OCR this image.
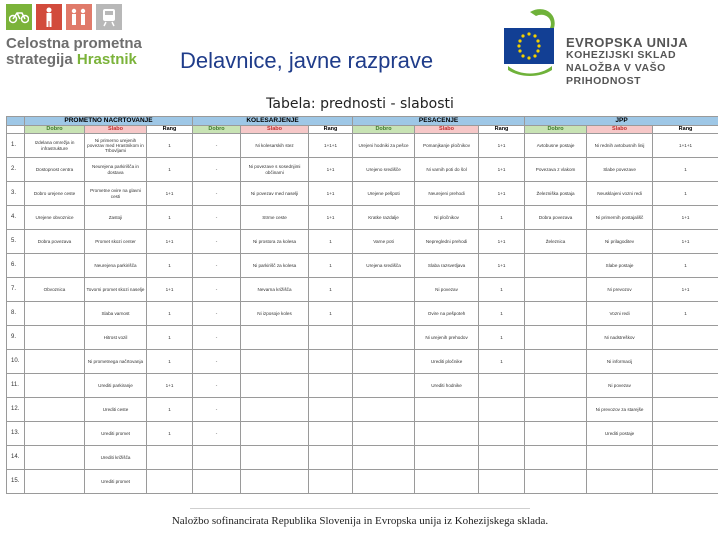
Celostna prometna
strategija Hrastnik	Delavnice, javne razprave
EVROPSKA UNIJA
KOHEZIJSKI SKLAD
NALOŽBA V VAŠO PRIHODNOST
Tabela: prednosti - slabosti
	PROMETNO NAČRTOVANJE			KOLESARJENJE			PEŠAČENJE			JPP		
	Dobro	Slabo	Rang	Dobro	Slabo	Rang	Dobro	Slabo	Rang	Dobro	Slabo	Rang
1.	Izdelana omrežja in infrastrukture	Ni primerno urejenih povezav med Hrastnikom in Trbovljami	1	-	Ni kolesarskih stez	1+1+1	Urejeni hodniki za pešce	Pomanjkanje pločnikov	1+1	Avtobusne postaje	Ni rednih avtobusnih linij	1+1+1
2.	Dostopnost centra	Neurejena parkirišča in dostava	1	-	Ni povezave s sosednjimi občinami	1+1	Urejeno središče	Ni varnih poti do šol	1+1	Povezava z vlakom	Slabe povezave	1
3.	Dobro urejene ceste	Prometne ovire na glavni cesti	1+1	-	Ni povezav med naselji	1+1	Urejene pešpoti	Neurejeni prehodi	1+1	Železniška postaja	Neusklajeni vozni redi	1
4.	Urejene obvoznice	Zastoji	1	-	Strme ceste	1+1	Kratke razdalje	Ni pločnikov	1	Dobra povezava	Ni primernih postajališč	1+1
5.	Dobra povezava	Promet skozi center	1+1	-	Ni prostora za kolesa	1	Varne poti	Nepregledni prehodi	1+1	Železnica	Ni prilagoditev	1+1
6.		Neurejena parkirišča	1	-	Ni parkirišč za kolesa	1	Urejena središča	Slaba razsvetljava	1+1		Slabe postaje	1
7.	Obvoznica	Tovorni promet skozi naselje	1+1	-	Nevarna križišča	1		Ni povezav	1		Ni prevozov	1+1
8.		Slaba varnost	1	-	Ni izposoje koles	1		Ovire na pešpoteh	1		Vozni redi	1
9.		Hitrost vozil	1	-				Ni urejenih prehodov	1		Ni nadstreškov	
10.		Ni prometnega načrtovanja	1	-				Urediti pločnike	1		Ni informacij	
11.		Urediti parkiranje	1+1	-				Urediti hodnike			Ni povezav	
12.		Urediti ceste	1	-							Ni prevozov za starejše	
13.		Urediti promet	1	-							Urediti postaje	
14.		Urediti križišča										
15.		Urediti promet										
Naložbo sofinancirata Republika Slovenija in Evropska unija iz Kohezijskega sklada.
